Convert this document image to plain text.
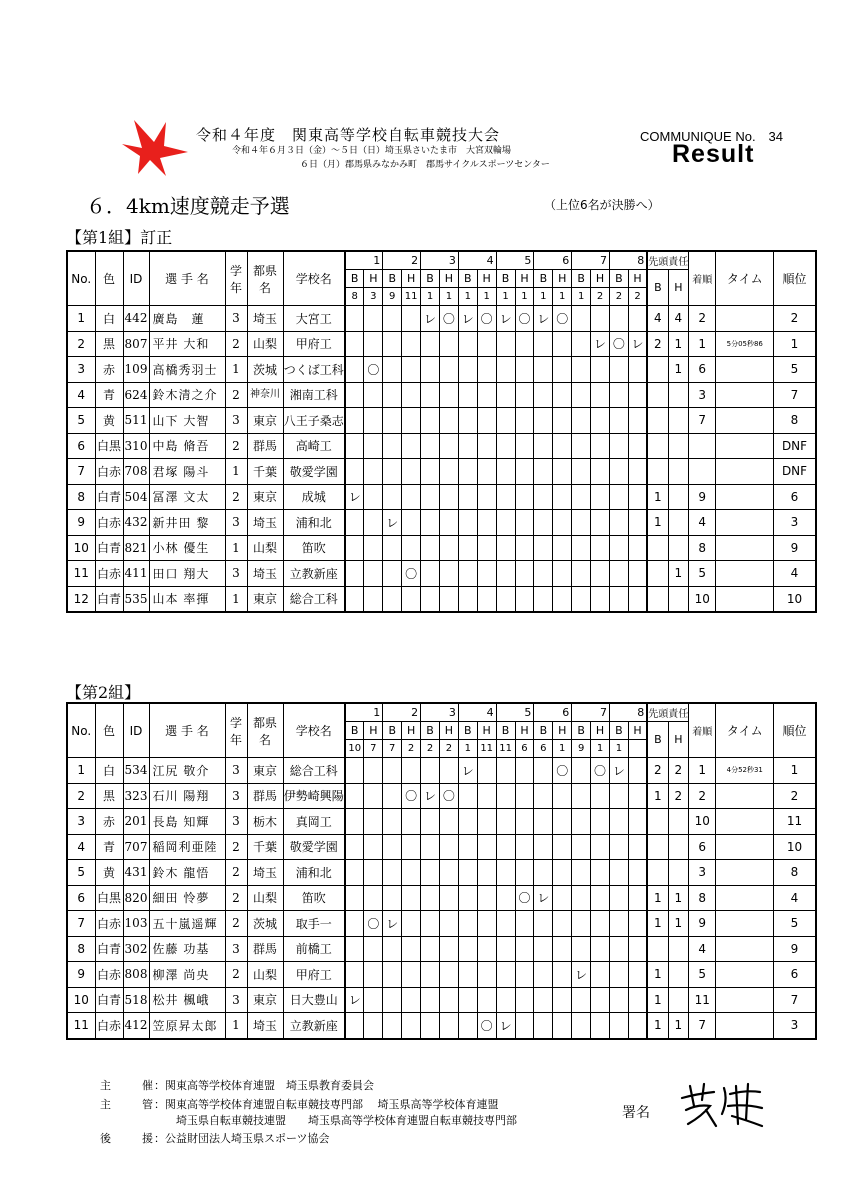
令和４年度　関東高等学校自転車競技大会
令和４年６月３日（金）～５日（日）埼玉県さいたま市　大宮双輪場
６日（月）郡馬県みなかみ町　郡馬サイクルスポーツセンター
COMMUNIQUE No.　34
Result
６．4km速度競走予選	（上位6名が決勝へ）
【第1組】訂正
No.	色	ID	選 手 名	学年	都県名	学校名	1		2		3		4		5		6		7		8		先頭責任		着順	タイム	順位
							B	H	B	H	B	H	B	H	B	H	B	H	B	H	B	H	B	H			
							8	3	9	11	1	1	1	1	1	1	1	1	1	2	2	2					
1	白	442	廣島　蓮	3	埼玉	大宮工					レ	〇	レ	〇	レ	〇	レ	〇					4	4	2		2
2	黒	807	平井 大和	2	山梨	甲府工														レ	〇	レ	2	1	1	5分05秒86	1
3	赤	109	高橋秀羽士	1	茨城	つくば工科		〇																1	6		5
4	青	624	鈴木清之介	2	神奈川	湘南工科																			3		7
5	黄	511	山下 大智	3	東京	八王子桑志																			7		8
6	白黒	310	中島 脩吾	2	群馬	高崎工																					DNF
7	白赤	708	君塚 陽斗	1	千葉	敬愛学園																					DNF
8	白青	504	冨澤 文太	2	東京	成城	レ																1		9		6
9	白赤	432	新井田 黎	3	埼玉	浦和北			レ														1		4		3
10	白青	821	小林 優生	1	山梨	笛吹																			8		9
11	白赤	411	田口 翔大	3	埼玉	立教新座				〇														1	5		4
12	白青	535	山本 率揮	1	東京	総合工科																			10		10
【第2組】
No.	色	ID	選 手 名	学年	都県名	学校名	1		2		3		4		5		6		7		8		先頭責任		着順	タイム	順位
							B	H	B	H	B	H	B	H	B	H	B	H	B	H	B	H	B	H			
							10	7	7	2	2	2	1	11	11	6	6	1	9	1	1						
1	白	534	江尻 敬介	3	東京	総合工科							レ					〇		〇	レ		2	2	1	4分52秒31	1
2	黒	323	石川 陽翔	3	群馬	伊勢崎興陽				〇	レ	〇											1	2	2		2
3	赤	201	長島 知輝	3	栃木	真岡工																			10		11
4	青	707	稲岡利亜陸	2	千葉	敬愛学園																			6		10
5	黄	431	鈴木 龍悟	2	埼玉	浦和北																			3		8
6	白黒	820	細田 怜夢	2	山梨	笛吹										〇	レ						1	1	8		4
7	白赤	103	五十嵐遥輝	2	茨城	取手一		〇	レ														1	1	9		5
8	白青	302	佐藤 功基	3	群馬	前橋工																			4		9
9	白赤	808	柳澤 尚央	2	山梨	甲府工													レ				1		5		6
10	白青	518	松井 楓峨	3	東京	日大豊山	レ																1		11		7
11	白赤	412	笠原昇太郎	1	埼玉	立教新座								〇	レ								1	1	7		3
主　催：関東高等学校体育連盟　埼玉県教育委員会
主　管：関東高等学校体育連盟自転車競技専門部　 埼玉県高等学校体育連盟
埼玉県自転車競技連盟　　埼玉県高等学校体育連盟自転車競技専門部
後　援：公益財団法人埼玉県スポーツ協会
署名
